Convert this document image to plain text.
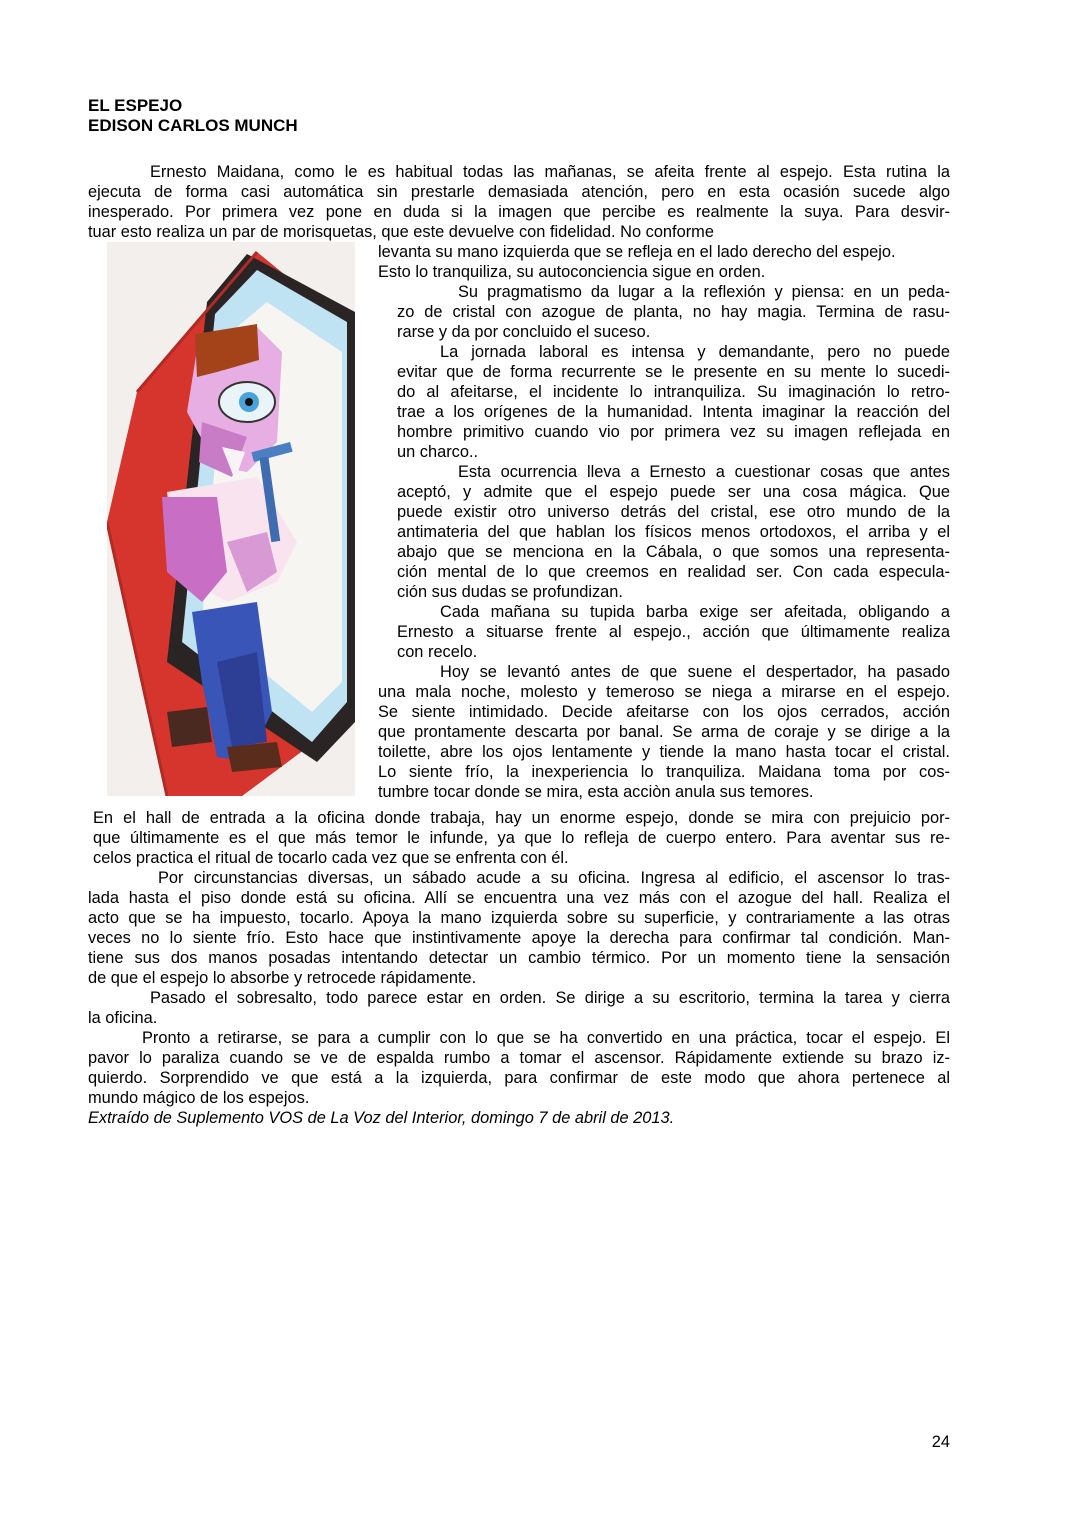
EL ESPEJO
EDISON CARLOS MUNCH
Ernesto Maidana, como le es habitual todas las mañanas, se afeita frente al espejo. Esta rutina la
ejecuta de forma casi automática sin prestarle demasiada atención, pero en esta ocasión sucede algo
inesperado. Por primera vez pone en duda si la imagen que percibe es realmente la suya. Para desvir-
tuar esto realiza un par de morisquetas, que este devuelve con fidelidad. No conforme
levanta su mano izquierda que se refleja en el lado derecho del espejo.
Esto lo tranquiliza, su autoconciencia sigue en orden.
Su pragmatismo da lugar a la reflexión y piensa: en un peda-
zo de cristal con azogue de planta, no hay magia. Termina de rasu-
rarse y da por concluido el suceso.
La jornada laboral es intensa y demandante, pero no puede
evitar que de forma recurrente se le presente en su mente lo sucedi-
do al afeitarse, el incidente lo intranquiliza. Su imaginación lo retro-
trae a los orígenes de la humanidad. Intenta imaginar la reacción del
hombre primitivo cuando vio por primera vez su imagen reflejada en
un charco..
Esta ocurrencia lleva a Ernesto a cuestionar cosas que antes
aceptó, y admite que el espejo puede ser una cosa mágica. Que
puede existir otro universo detrás del cristal, ese otro mundo de la
antimateria del que hablan los físicos menos ortodoxos, el arriba y el
abajo que se menciona en la Cábala, o que somos una representa-
ción mental de lo que creemos en realidad ser. Con cada especula-
ción sus dudas se profundizan.
Cada mañana su tupida barba exige ser afeitada, obligando a
Ernesto a situarse frente al espejo., acción que últimamente realiza
con recelo.
Hoy se levantó antes de que suene el despertador, ha pasado
una mala noche, molesto y temeroso se niega a mirarse en el espejo.
Se siente intimidado. Decide afeitarse con los ojos cerrados, acción
que prontamente descarta por banal. Se arma de coraje y se dirige a la
toilette, abre los ojos lentamente y tiende la mano hasta tocar el cristal.
Lo siente frío, la inexperiencia lo tranquiliza. Maidana toma por cos-
tumbre tocar donde se mira, esta acciòn anula sus temores.
En el hall de entrada a la oficina donde trabaja, hay un enorme espejo, donde se mira con prejuicio por-
que últimamente es el que más temor le infunde, ya que lo refleja de cuerpo entero. Para aventar sus re-
celos practica el ritual de tocarlo cada vez que se enfrenta con él.
Por circunstancias diversas, un sábado acude a su oficina. Ingresa al edificio, el ascensor lo tras-
lada hasta el piso donde está su oficina. Allí se encuentra una vez más con el azogue del hall. Realiza el
acto que se ha impuesto, tocarlo. Apoya la mano izquierda sobre su superficie, y contrariamente a las otras
veces no lo siente frío. Esto hace que instintivamente apoye la derecha para confirmar tal condición. Man-
tiene sus dos manos posadas intentando detectar un cambio térmico. Por un momento tiene la sensación
de que el espejo lo absorbe y retrocede rápidamente.
Pasado el sobresalto, todo parece estar en orden. Se dirige a su escritorio, termina la tarea y cierra
la oficina.
Pronto a retirarse, se para a cumplir con lo que se ha convertido en una práctica, tocar el espejo. El
pavor lo paraliza cuando se ve de espalda rumbo a tomar el ascensor. Rápidamente extiende su brazo iz-
quierdo. Sorprendido ve que está a la izquierda, para confirmar de este modo que ahora pertenece al
mundo mágico de los espejos.
Extraído de Suplemento VOS de La Voz del Interior, domingo 7 de abril de 2013.
24
